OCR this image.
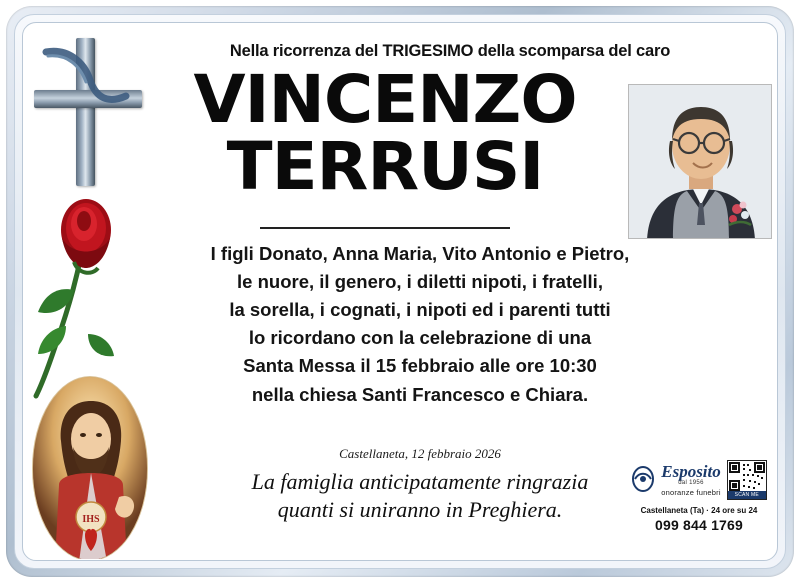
IHS
Nella ricorrenza del TRIGESIMO della scomparsa del caro
VINCENZO
TERRUSI
I figli Donato, Anna Maria, Vito Antonio e Pietro,
le nuore, il genero, i diletti nipoti, i fratelli,
la sorella, i cognati, i nipoti ed i parenti tutti
lo ricordano con la celebrazione di una
Santa Messa il 15 febbraio alle ore 10:30
nella chiesa Santi Francesco e Chiara.
Castellaneta, 12 febbraio 2026
La famiglia anticipatamente ringrazia
quanti si uniranno in Preghiera.
Esposito
dal 1956
onoranze funebri	SCAN ME
Castellaneta (Ta) · 24 ore su 24
099 844 1769
